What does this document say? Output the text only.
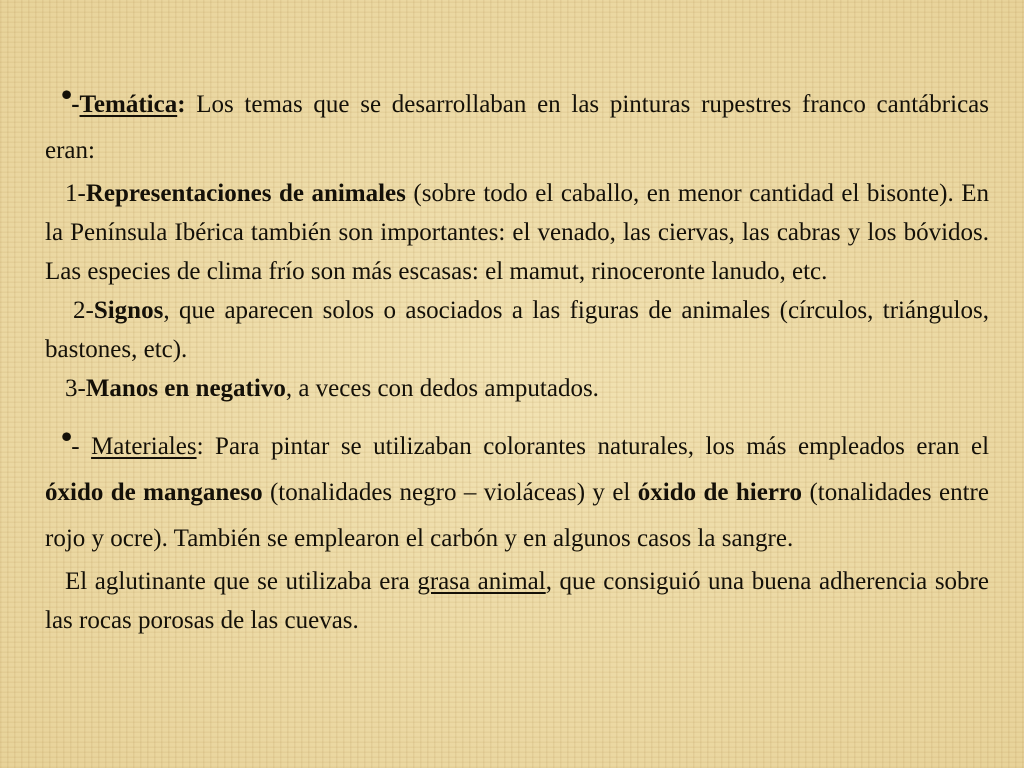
•-Temática: Los temas que se desarrollaban en las pinturas rupestres franco cantábricas eran:

1-Representaciones de animales (sobre todo el caballo, en menor cantidad el bisonte). En la Península Ibérica también son importantes: el venado, las ciervas, las cabras y los bóvidos. Las especies de clima frío son más escasas: el mamut, rinoceronte lanudo, etc.

2-Signos, que aparecen solos o asociados a las figuras de animales (círculos, triángulos, bastones, etc).

3-Manos en negativo, a veces con dedos amputados.

•- Materiales: Para pintar se utilizaban colorantes naturales, los más empleados eran el óxido de manganeso (tonalidades negro – violáceas) y el óxido de hierro (tonalidades entre rojo y ocre). También se emplearon el carbón y en algunos casos la sangre.

El aglutinante que se utilizaba era grasa animal, que consiguió una buena adherencia sobre las rocas porosas de las cuevas.
